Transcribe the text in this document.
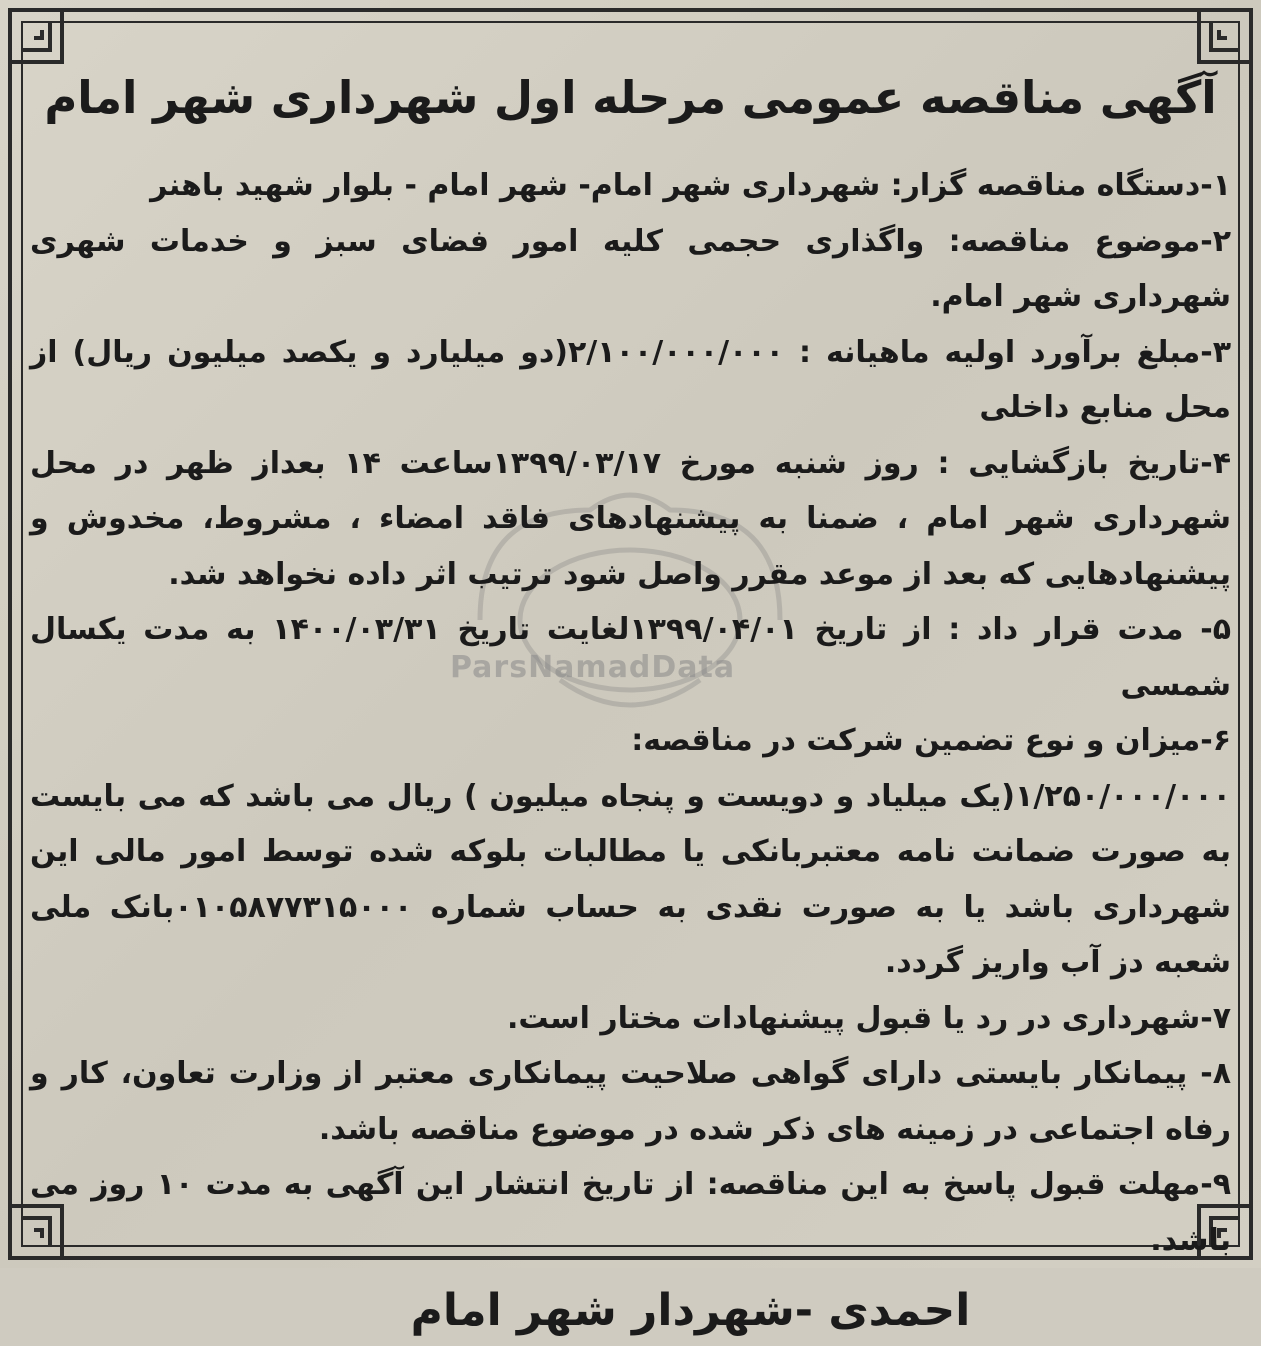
ParsNamadData
آگهی مناقصه عمومی مرحله اول شهرداری شهر امام

۱-دستگاه مناقصه گزار: شهرداری شهر امام- شهر امام - بلوار شهید باهنر

۲-موضوع مناقصه: واگذاری حجمی کلیه امور فضای سبز و خدمات شهری شهرداری شهر امام.

۳-مبلغ برآورد اولیه ماهیانه : ۲/۱۰۰/۰۰۰/۰۰۰(دو میلیارد و یکصد میلیون ریال) از محل منابع داخلی

۴-تاریخ بازگشایی : روز شنبه مورخ ۱۳۹۹/۰۳/۱۷ساعت ۱۴ بعداز ظهر در محل شهرداری شهر امام ، ضمنا به پیشنهادهای فاقد امضاء ، مشروط، مخدوش و پیشنهادهایی که بعد از موعد مقرر واصل شود ترتیب اثر داده نخواهد شد.

۵- مدت قرار داد : از تاریخ ۱۳۹۹/۰۴/۰۱لغایت تاریخ ۱۴۰۰/۰۳/۳۱ به مدت یکسال شمسی

۶-میزان و نوع تضمین شرکت در مناقصه:

۱/۲۵۰/۰۰۰/۰۰۰(یک میلیاد و دویست و پنجاه میلیون ) ریال می باشد که می بایست به صورت ضمانت نامه معتبربانکی یا مطالبات بلوکه شده توسط امور مالی این شهرداری باشد یا به صورت نقدی به حساب شماره ۰۱۰۵۸۷۷۳۱۵۰۰۰بانک ملی شعبه دز آب واریز گردد.

۷-شهرداری در رد یا قبول پیشنهادات مختار است.

۸- پیمانکار بایستی دارای گواهی صلاحیت پیمانکاری معتبر از وزارت تعاون، کار و رفاه اجتماعی در زمینه های ذکر شده در موضوع مناقصه باشد.

۹-مهلت قبول پاسخ به این مناقصه: از تاریخ انتشار این آگهی به مدت ۱۰ روز می باشد.

احمدی -شهردار شهر امام
